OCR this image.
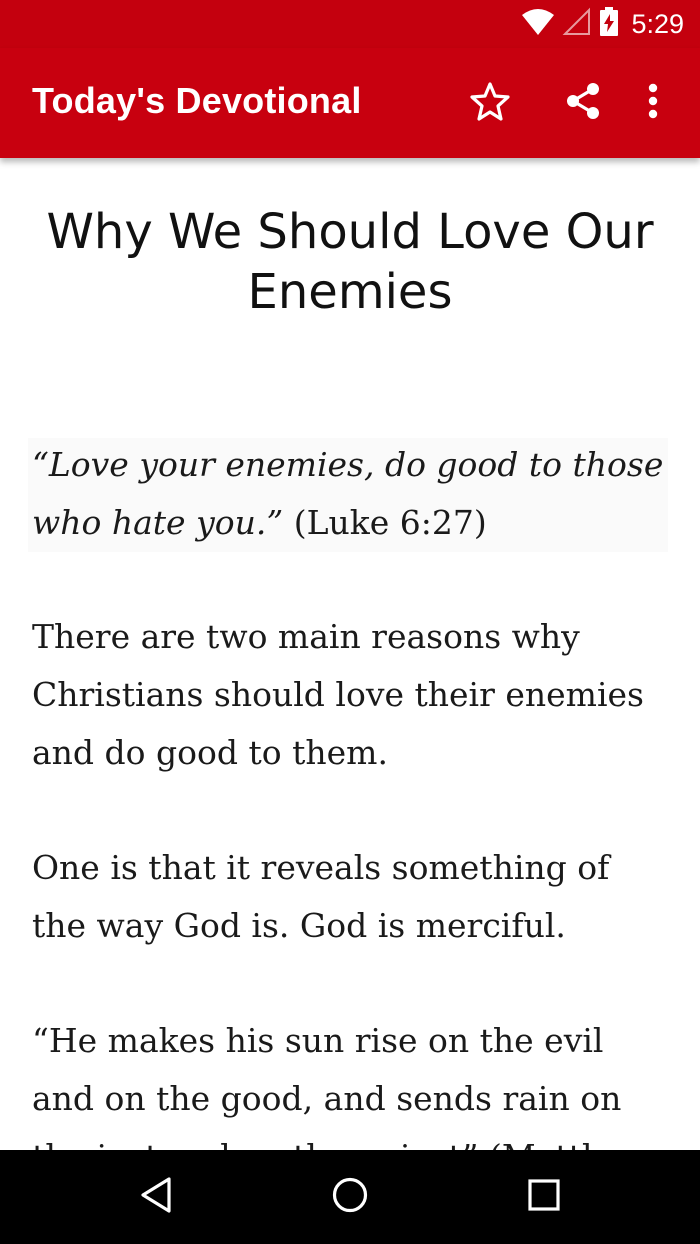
5:29
Today's Devotional
Why We Should Love Our Enemies

“Love your enemies, do good to those who hate you.” (Luke 6:27)

There are two main reasons why Christians should love their enemies and do good to them.

One is that it reveals something of the way God is. God is merciful.

“He makes his sun rise on the evil and on the good, and sends rain on
